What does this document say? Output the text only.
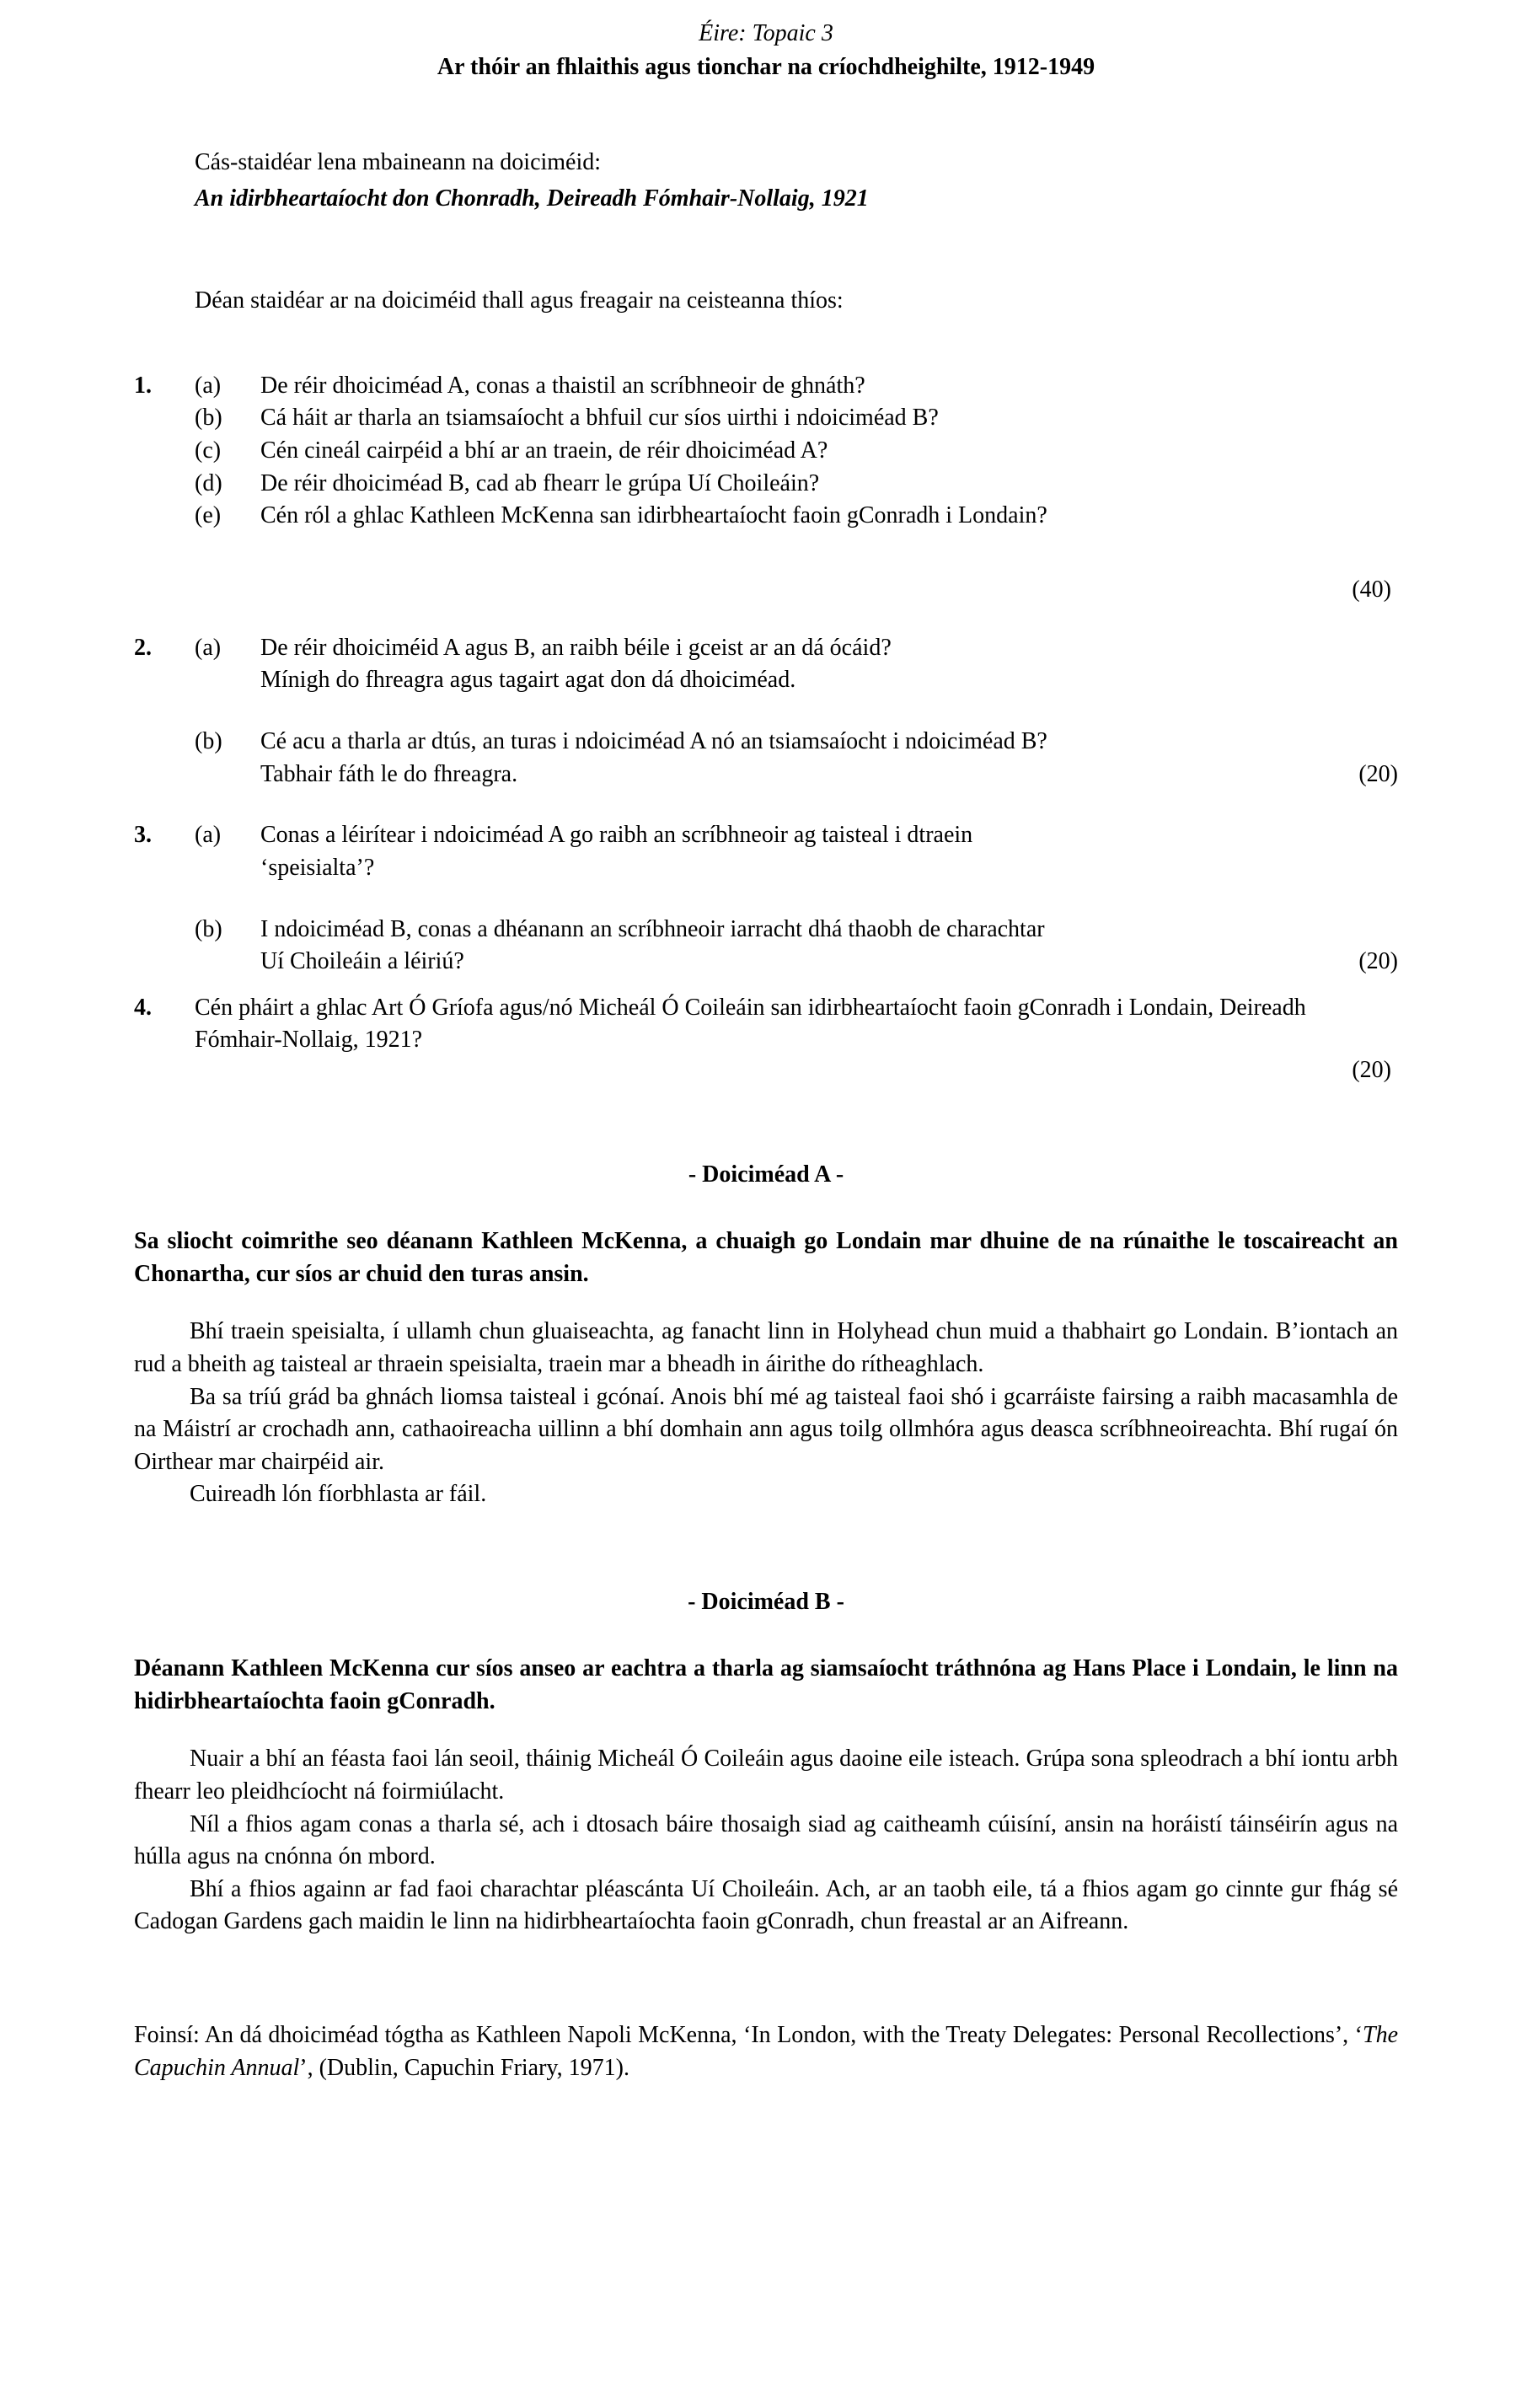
Éire: Topaic 3
Ar thóir an fhlaithis agus tionchar na críochdheighilte, 1912-1949
Cás-staidéar lena mbaineann na doiciméid:
An idirbheartaíocht don Chonradh, Deireadh Fómhair-Nollaig, 1921
Déan staidéar ar na doiciméid thall agus freagair na ceisteanna thíos:
1.	(a)	De réir dhoiciméad A, conas a thaistil an scríbhneoir de ghnáth?
(b)	Cá háit ar tharla an tsiamsaíocht a bhfuil cur síos uirthi i ndoiciméad B?
(c)	Cén cineál cairpéid a bhí ar an traein, de réir dhoiciméad A?
(d)	De réir dhoiciméad B, cad ab fhearr le grúpa Uí Choileáin?
(e)	Cén ról a ghlac Kathleen McKenna san idirbheartaíocht faoin gConradh i Londain?
(40)
2.	(a)	De réir dhoiciméid A agus B, an raibh béile i gceist ar an dá ócáid?
Mínigh do fhreagra agus tagairt agat don dá dhoiciméad.
(b)	Cé acu a tharla ar dtús, an turas i ndoiciméad A nó an tsiamsaíocht i ndoiciméad B?
(20)
Tabhair fáth le do fhreagra.
3.	(a)	Conas a léirítear i ndoiciméad A go raibh an scríbhneoir ag taisteal i dtraein
‘speisialta’?
(b)	I ndoiciméad B, conas a dhéanann an scríbhneoir iarracht dhá thaobh de charachtar
(20)
Uí Choileáin a léiriú?
4.	Cén pháirt a ghlac Art Ó Gríofa agus/nó Micheál Ó Coileáin san idirbheartaíocht faoin gConradh i Londain, Deireadh Fómhair-Nollaig, 1921?
(20)
- Doiciméad A -
Sa sliocht coimrithe seo déanann Kathleen McKenna, a chuaigh go Londain mar dhuine de na rúnaithe le toscaireacht an Chonartha, cur síos ar chuid den turas ansin.

Bhí traein speisialta, í ullamh chun gluaiseachta, ag fanacht linn in Holyhead chun muid a thabhairt go Londain. B’iontach an rud a bheith ag taisteal ar thraein speisialta, traein mar a bheadh in áirithe do rítheaghlach.

Ba sa tríú grád ba ghnách liomsa taisteal i gcónaí. Anois bhí mé ag taisteal faoi shó i gcarráiste fairsing a raibh macasamhla de na Máistrí ar crochadh ann, cathaoireacha uillinn a bhí domhain ann agus toilg ollmhóra agus deasca scríbhneoireachta. Bhí rugaí ón Oirthear mar chairpéid air.

Cuireadh lón fíorbhlasta ar fáil.

- Doiciméad B -
Déanann Kathleen McKenna cur síos anseo ar eachtra a tharla ag siamsaíocht tráthnóna ag Hans Place i Londain, le linn na hidirbheartaíochta faoin gConradh.

Nuair a bhí an féasta faoi lán seoil, tháinig Micheál Ó Coileáin agus daoine eile isteach. Grúpa sona spleodrach a bhí iontu arbh fhearr leo pleidhcíocht ná foirmiúlacht.

Níl a fhios agam conas a tharla sé, ach i dtosach báire thosaigh siad ag caitheamh cúisíní, ansin na horáistí táinséirín agus na húlla agus na cnónna ón mbord.

Bhí a fhios againn ar fad faoi charachtar pléascánta Uí Choileáin. Ach, ar an taobh eile, tá a fhios agam go cinnte gur fhág sé Cadogan Gardens gach maidin le linn na hidirbheartaíochta faoin gConradh, chun freastal ar an Aifreann.

Foinsí: An dá dhoiciméad tógtha as Kathleen Napoli McKenna, ‘In London, with the Treaty Delegates: Personal Recollections’, ‘The Capuchin Annual’, (Dublin, Capuchin Friary, 1971).
